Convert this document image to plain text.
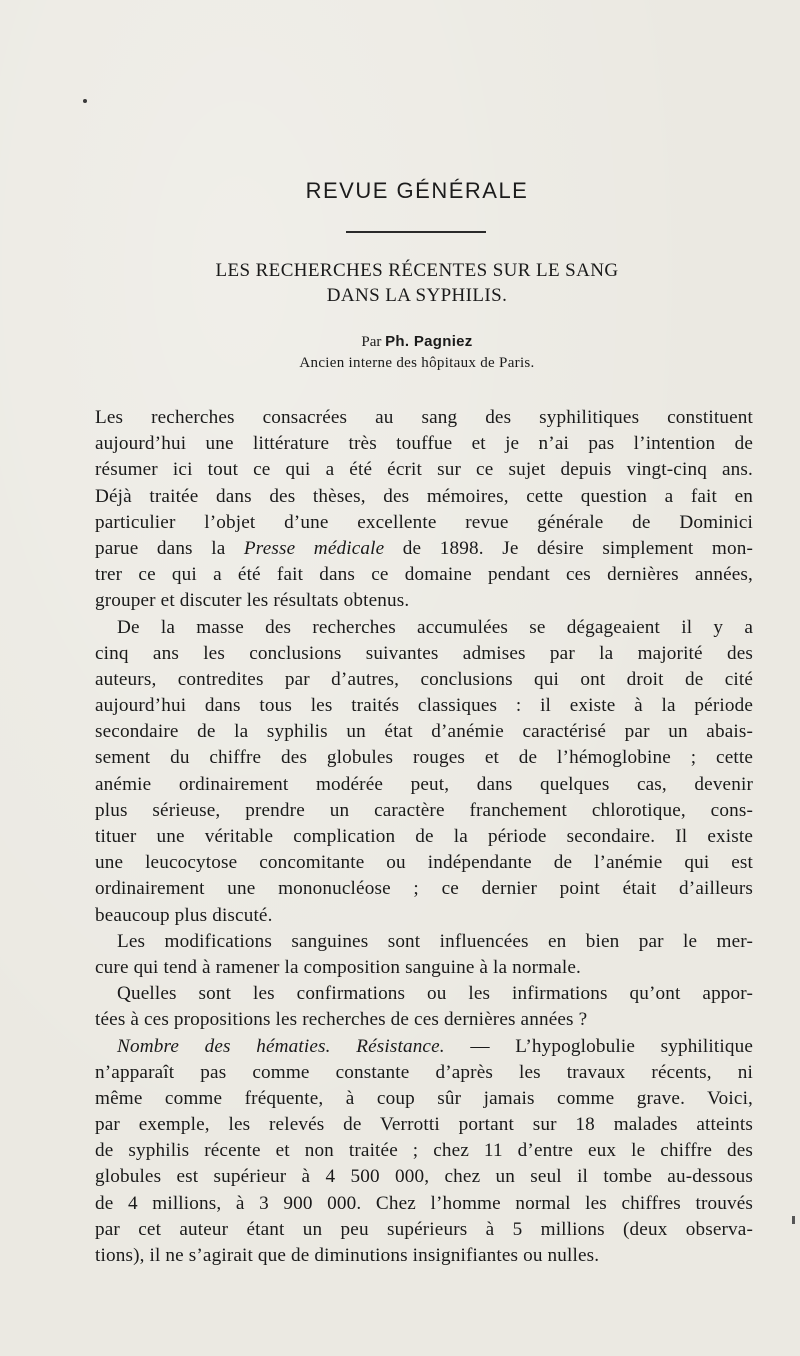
REVUE GÉNÉRALE
LES RECHERCHES RÉCENTES SUR LE SANG
DANS LA SYPHILIS.
Par Ph. Pagniez
Ancien interne des hôpitaux de Paris.
Les recherches consacrées au sang des syphilitiques constituent
aujourd’hui une littérature très touffue et je n’ai pas l’intention de
résumer ici tout ce qui a été écrit sur ce sujet depuis vingt-cinq ans.
Déjà traitée dans des thèses, des mémoires, cette question a fait en
particulier l’objet d’une excellente revue générale de Dominici
parue dans la Presse médicale de 1898. Je désire simplement mon-
trer ce qui a été fait dans ce domaine pendant ces dernières années,
grouper et discuter les résultats obtenus.
De la masse des recherches accumulées se dégageaient il y a
cinq ans les conclusions suivantes admises par la majorité des
auteurs, contredites par d’autres, conclusions qui ont droit de cité
aujourd’hui dans tous les traités classiques : il existe à la période
secondaire de la syphilis un état d’anémie caractérisé par un abais-
sement du chiffre des globules rouges et de l’hémoglobine ; cette
anémie ordinairement modérée peut, dans quelques cas, devenir
plus sérieuse, prendre un caractère franchement chlorotique, cons-
tituer une véritable complication de la période secondaire. Il existe
une leucocytose concomitante ou indépendante de l’anémie qui est
ordinairement une mononucléose ; ce dernier point était d’ailleurs
beaucoup plus discuté.
Les modifications sanguines sont influencées en bien par le mer-
cure qui tend à ramener la composition sanguine à la normale.
Quelles sont les confirmations ou les infirmations qu’ont appor-
tées à ces propositions les recherches de ces dernières années ?
Nombre des hématies. Résistance. — L’hypoglobulie syphilitique
n’apparaît pas comme constante d’après les travaux récents, ni
même comme fréquente, à coup sûr jamais comme grave. Voici,
par exemple, les relevés de Verrotti portant sur 18 malades atteints
de syphilis récente et non traitée ; chez 11 d’entre eux le chiffre des
globules est supérieur à 4 500 000, chez un seul il tombe au-dessous
de 4 millions, à 3 900 000. Chez l’homme normal les chiffres trouvés
par cet auteur étant un peu supérieurs à 5 millions (deux observa-
tions), il ne s’agirait que de diminutions insignifiantes ou nulles.
